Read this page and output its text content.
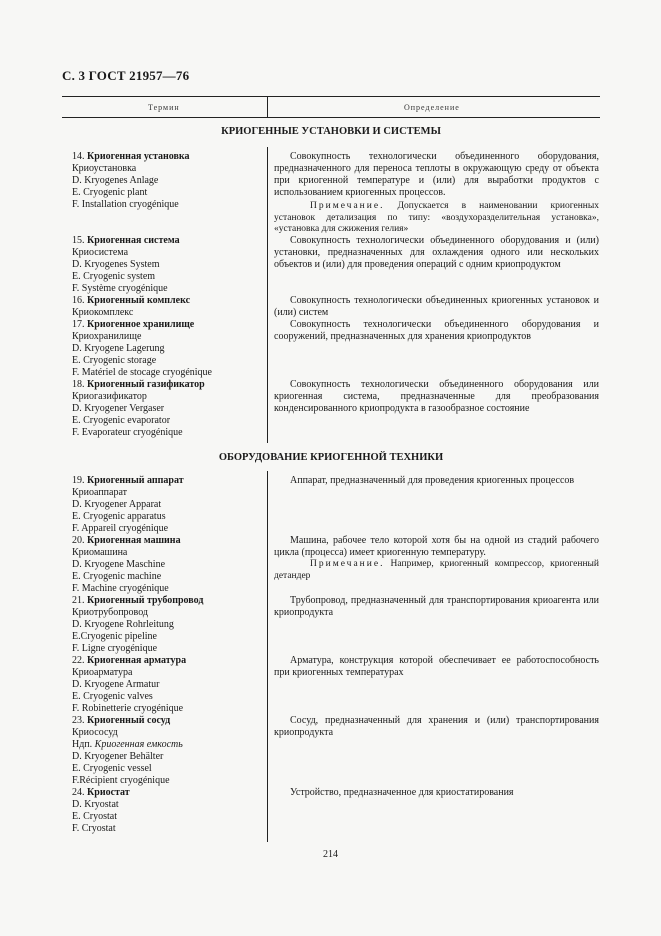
С. 3 ГОСТ 21957—76
Термин	Определение
КРИОГЕННЫЕ УСТАНОВКИ И СИСТЕМЫ
14. Криогенная установка
Криоустановка
D. Kryogenes Anlage
E. Cryogenic plant
F. Installation cryogénique

Совокупность технологически объединенного оборудования, предназначенного для переноса теплоты в окружающую среду от объекта при криогенной температуре и (или) для выработки продуктов с использованием криогенных процессов.

Примечание. Допускается в наименовании криогенных установок детализация по типу: «воздухоразделительная установка», «установка для сжижения гелия»

15. Криогенная система
Криосистема
D. Kryogenes System
E. Cryogenic system
F. Système cryogénique

Совокупность технологически объединенного оборудования и (или) установки, предназначенных для охлаждения одного или нескольких объектов и (или) для проведения операций с одним криопродуктом

16. Криогенный комплекс
Криокомплекс

Совокупность технологически объединенных криогенных установок и (или) систем

17. Криогенное хранилище
Криохранилище
D. Kryogene Lagerung
E. Cryogenic storage
F. Matériel de stocage cryogénique

Совокупность технологически объединенного оборудования и сооружений, предназначенных для хранения криопродуктов

18. Криогенный газификатор
Криогазификатор
D. Kryogener Vergaser
E. Cryogenic evaporator
F. Evaporateur cryogénique

Совокупность технологически объединенного оборудования или криогенная система, предназначенные для преобразования конденсированного криопродукта в газообразное состояние

ОБОРУДОВАНИЕ КРИОГЕННОЙ ТЕХНИКИ
19. Криогенный аппарат
Криоаппарат
D. Kryogener Apparat
E. Cryogenic apparatus
F. Appareil cryogénique

Аппарат, предназначенный для проведения криогенных процессов

20. Криогенная машина
Криомашина
D. Kryogene Maschine
E. Cryogenic machine
F. Machine cryogénique

Машина, рабочее тело которой хотя бы на одной из стадий рабочего цикла (процесса) имеет криогенную температуру.

Примечание. Например, криогенный компрессор, криогенный детандер

21. Криогенный трубопровод
Криотрубопровод
D. Kryogene Rohrleitung
E.Cryogenic pipeline
F. Ligne cryogénique

Трубопровод, предназначенный для транспортирования криоагента или криопродукта

22. Криогенная арматура
Криоарматура
D. Kryogene Armatur
E. Cryogenic valves
F. Robinetterie cryogénique

Арматура, конструкция которой обеспечивает ее работоспособность при криогенных температурах

23. Криогенный сосуд
Криососуд
Ндп. Криогенная емкость
D. Kryogener Behälter
E. Cryogenic vessel
F.Récipient cryogénique

Сосуд, предназначенный для хранения и (или) транспортирования криопродукта

24. Криостат
D. Kryostat
E. Cryostat
F. Cryostat

Устройство, предназначенное для криостатирования

214
